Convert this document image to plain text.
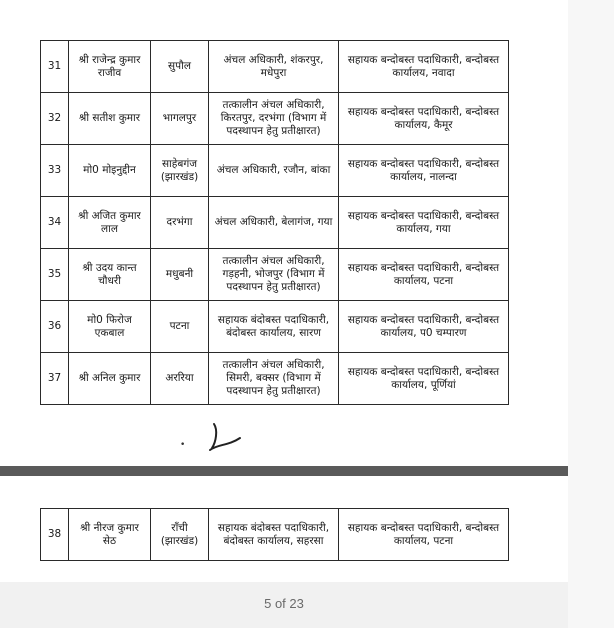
31	श्री राजेन्द्र कुमार राजीव	सुपौल	अंचल अधिकारी, शंकरपुर, मधेपुरा	सहायक बन्दोबस्त पदाधिकारी, बन्दोबस्त कार्यालय, नवादा
32	श्री सतीश कुमार	भागलपुर	तत्कालीन अंचल अधिकारी, किरतपुर, दरभंगा (विभाग में पदस्थापन हेतु प्रतीक्षारत)	सहायक बन्दोबस्त पदाधिकारी, बन्दोबस्त कार्यालय, कैमूर
33	मो0 मोइनुद्दीन	साहेबगंज (झारखंड)	अंचल अधिकारी, रजौन, बांका	सहायक बन्दोबस्त पदाधिकारी, बन्दोबस्त कार्यालय, नालन्दा
34	श्री अजित कुमार लाल	दरभंगा	अंचल अधिकारी, बेलागंज, गया	सहायक बन्दोबस्त पदाधिकारी, बन्दोबस्त कार्यालय, गया
35	श्री उदय कान्त चौधरी	मधुबनी	तत्कालीन अंचल अधिकारी, गड़हनी, भोजपुर (विभाग में पदस्थापन हेतु प्रतीक्षारत)	सहायक बन्दोबस्त पदाधिकारी, बन्दोबस्त कार्यालय, पटना
36	मो0 फिरोज एकबाल	पटना	सहायक बंदोबस्त पदाधिकारी, बंदोबस्त कार्यालय, सारण	सहायक बन्दोबस्त पदाधिकारी, बन्दोबस्त कार्यालय, प0 चम्पारण
37	श्री अनिल कुमार	अररिया	तत्कालीन अंचल अधिकारी, सिमरी, बक्सर (विभाग में पदस्थापन हेतु प्रतीक्षारत)	सहायक बन्दोबस्त पदाधिकारी, बन्दोबस्त कार्यालय, पूर्णियां
•
38	श्री नीरज कुमार सेठ	रॉंची (झारखंड)	सहायक बंदोबस्त पदाधिकारी, बंदोबस्त कार्यालय, सहरसा	सहायक बन्दोबस्त पदाधिकारी, बन्दोबस्त कार्यालय, पटना
5 of 23
